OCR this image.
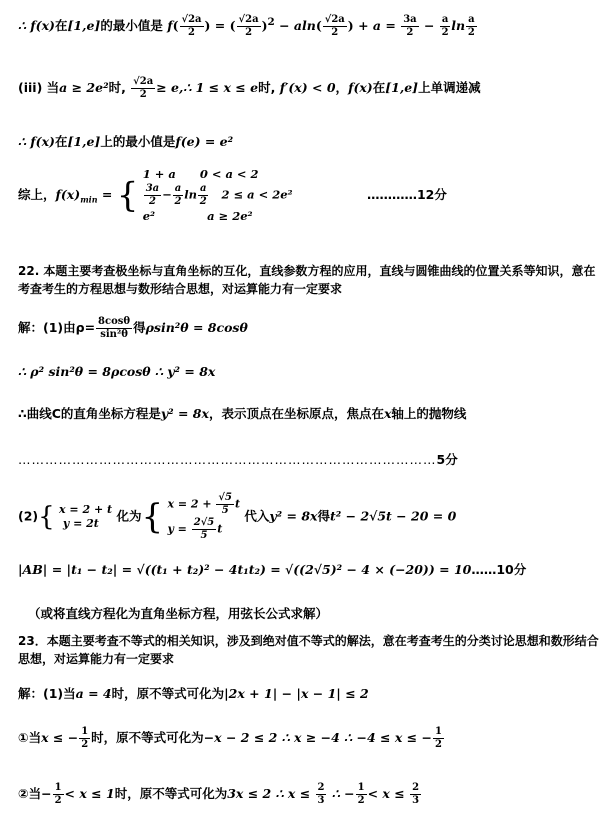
∴ f(x)在[1,e]的最小值是 $f( \frac{√2a}{2}$ ) = ( $\frac{√2a}{2} )^2 - aln( \frac{√2a}{2}$ ) + $a = \frac{3a}{2} - \frac{a}{2}$ $\ln \frac{a}{2}$
(iii) 当a ≥ 2e²时, $\frac{√2a}{2}$ ≥ e,∴ 1 ≤ x ≤ e时, f′(x) < 0，f(x)在[1,e]上单调递减
∴ f(x)在[1,e]上的最小值是f(e) = e²
综上，$f(x)_{min}$ = {
1 + a      0 < a < 2
$\frac{3a}{2} - \frac{a}{2}$ $\ln \frac{a}{2} 2 \le a < 2e^2$
e²             a ≥ 2e²
…………12分
22. 本题主要考查极坐标与直角坐标的互化，直线参数方程的应用，直线与圆锥曲线的位置关系等知识，意在考查考生的方程思想与数形结合思想，对运算能力有一定要求
解：(1)由$\rho= \frac{8\cos\theta}{\text{sin²θ}}$ 得ρsin²θ = 8cosθ
∴ ρ² sin²θ = 8ρcosθ ∴ y² = 8x
∴曲线C的直角坐标方程是y² = 8x，表示顶点在坐标原点，焦点在x轴上的抛物线
…………………………………………………………………………………5分
(2){ x = 2 + t
y = 2t	化为{ $x = 2 + \frac{√5}{5}$ t
$y = \frac{2√5}{5}$ t
代入y² = 8x得t² − 2√5t − 20 = 0
|AB| = |t₁ − t₂| = √((t₁ + t₂)² − 4t₁t₂) = √((2√5)² − 4 × (−20)) = 10……10分
（或将直线方程化为直角坐标方程，用弦长公式求解）
23．本题主要考查不等式的相关知识，涉及到绝对值不等式的解法，意在考查考生的分类讨论思想和数形结合思想，对运算能力有一定要求
解：(1)当a = 4时，原不等式可化为|2x + 1| − |x − 1| ≤ 2
①当x ≤ − $\frac{1}{2}$ 时，原不等式可化为−x − 2 ≤ 2 ∴ x ≥ −4 ∴ −4 ≤ x ≤ − $\frac{1}{2}$
②当− $\frac{1}{2} < x \le 1$时，原不等式可化为3x ≤ 2 ∴ $x \le \frac{2}{3}$ ∴ − $\frac{1}{2} < x \le \frac{2}{3}$
